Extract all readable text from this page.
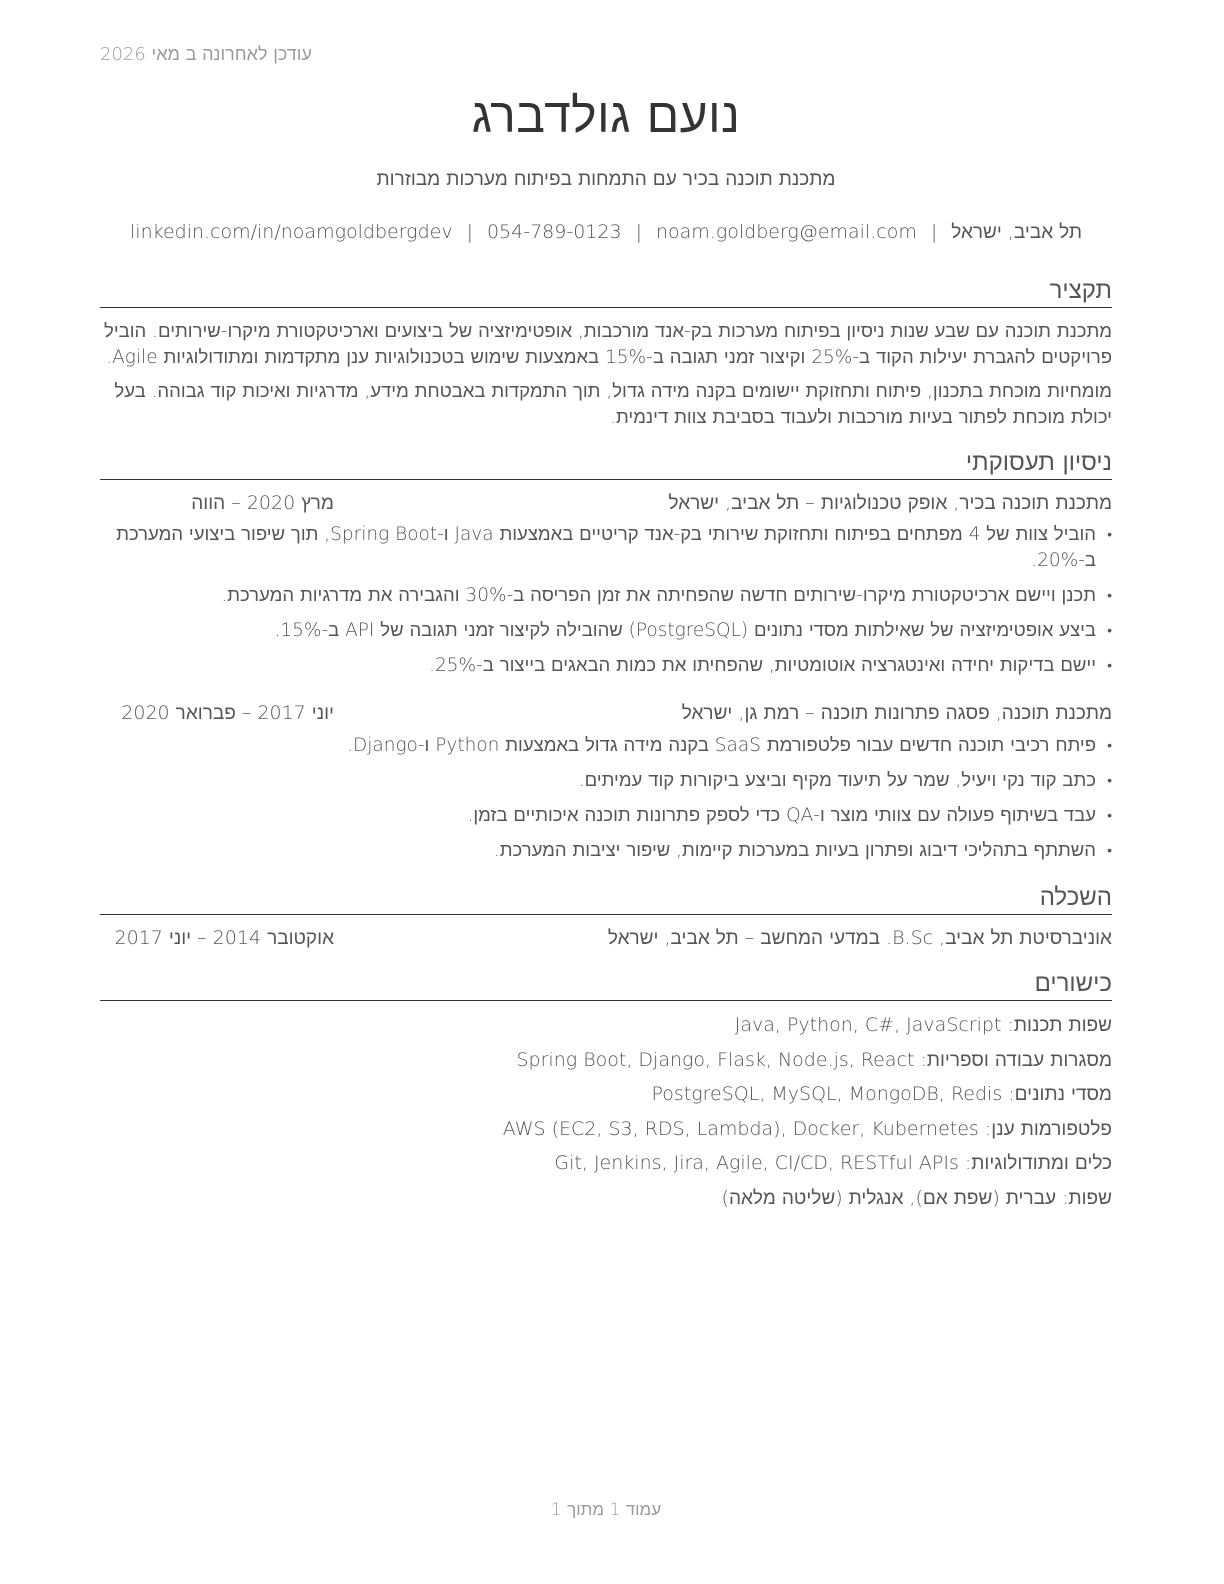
עודכן לאחרונה ב מאי 2026
נועם גולדברג
מתכנת תוכנה בכיר עם התמחות בפיתוח מערכות מבוזרות
תל אביב, ישראל|noam.goldberg@email.com|054-789-0123|linkedin.com/in/noamgoldbergdev
תקציר
מתכנת תוכנה עם שבע שנות ניסיון בפיתוח מערכות בק-אנד מורכבות, אופטימיזציה של ביצועים וארכיטקטורת מיקרו-שירותים. הוביל פרויקטים להגברת יעילות הקוד ב-25% וקיצור זמני תגובה ב-15% באמצעות שימוש בטכנולוגיות ענן מתקדמות ומתודולוגיות Agile.
מומחיות מוכחת בתכנון, פיתוח ותחזוקת יישומים בקנה מידה גדול, תוך התמקדות באבטחת מידע, מדרגיות ואיכות קוד גבוהה. בעל יכולת מוכחת לפתור בעיות מורכבות ולעבוד בסביבת צוות דינמית.
ניסיון תעסוקתי
מתכנת תוכנה בכיר, אופק טכנולוגיות – תל אביב, ישראל
מרץ 2020 – הווה
•
הוביל צוות של 4 מפתחים בפיתוח ותחזוקת שירותי בק-אנד קריטיים באמצעות Java ו-Spring Boot, תוך שיפור ביצועי המערכת ב-20%.
•
תכנן ויישם ארכיטקטורת מיקרו-שירותים חדשה שהפחיתה את זמן הפריסה ב-30% והגבירה את מדרגיות המערכת.
•
ביצע אופטימיזציה של שאילתות מסדי נתונים (PostgreSQL) שהובילה לקיצור זמני תגובה של API ב-15%.
•
יישם בדיקות יחידה ואינטגרציה אוטומטיות, שהפחיתו את כמות הבאגים בייצור ב-25%.
מתכנת תוכנה, פסגה פתרונות תוכנה – רמת גן, ישראל
יוני 2017 – פברואר 2020
•
פיתח רכיבי תוכנה חדשים עבור פלטפורמת SaaS בקנה מידה גדול באמצעות Python ו-Django.
•
כתב קוד נקי ויעיל, שמר על תיעוד מקיף וביצע ביקורות קוד עמיתים.
•
עבד בשיתוף פעולה עם צוותי מוצר ו-QA כדי לספק פתרונות תוכנה איכותיים בזמן.
•
השתתף בתהליכי דיבוג ופתרון בעיות במערכות קיימות, שיפור יציבות המערכת.
השכלה
אוניברסיטת תל אביב, B.Sc. במדעי המחשב – תל אביב, ישראל
אוקטובר 2014 – יוני 2017
כישורים
שפות תכנות: Java, Python, C#, JavaScript
מסגרות עבודה וספריות: Spring Boot, Django, Flask, Node.js, React
מסדי נתונים: PostgreSQL, MySQL, MongoDB, Redis
פלטפורמות ענן: AWS (EC2, S3, RDS, Lambda), Docker, Kubernetes
כלים ומתודולוגיות: Git, Jenkins, Jira, Agile, CI/CD, RESTful APIs
שפות: עברית (שפת אם), אנגלית (שליטה מלאה)
עמוד 1 מתוך 1
